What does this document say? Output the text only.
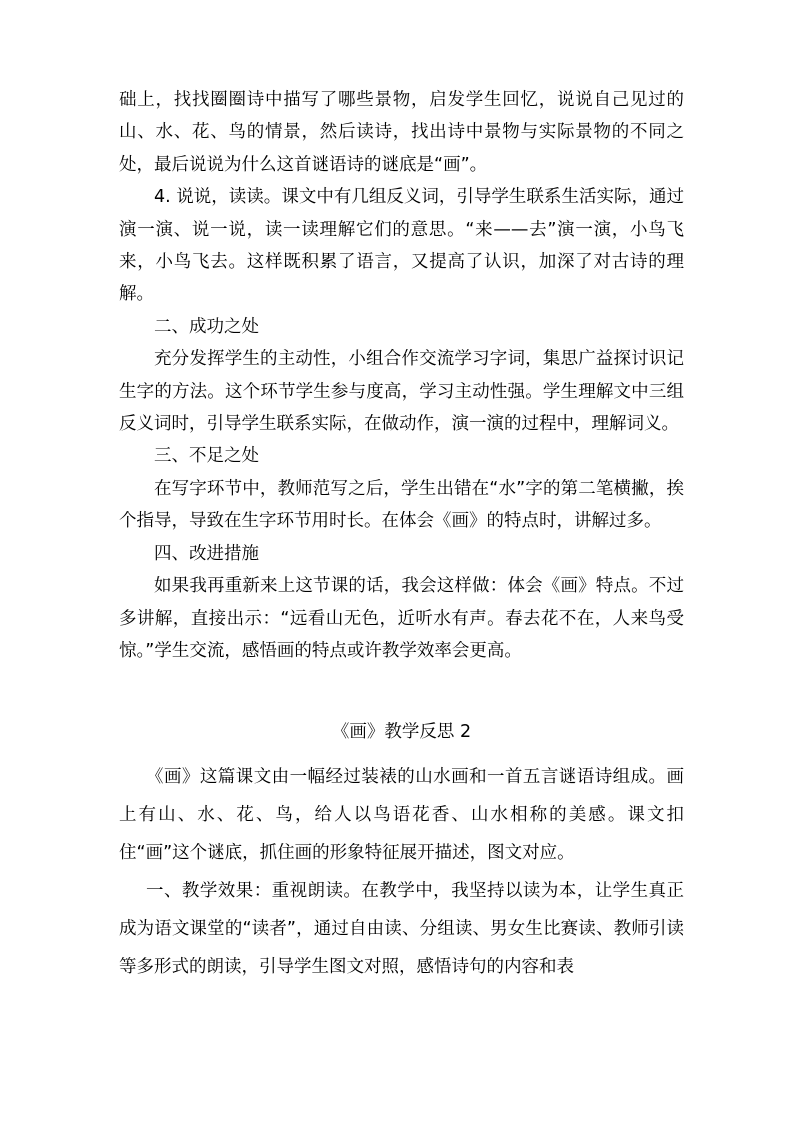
础上，找找圈圈诗中描写了哪些景物，启发学生回忆，说说自己见过的山、水、花、鸟的情景，然后读诗，找出诗中景物与实际景物的不同之处，最后说说为什么这首谜语诗的谜底是“画”。

4. 说说，读读。课文中有几组反义词，引导学生联系生活实际，通过演一演、说一说，读一读理解它们的意思。“来——去”演一演，小鸟飞来，小鸟飞去。这样既积累了语言，又提高了认识，加深了对古诗的理解。

二、成功之处

充分发挥学生的主动性，小组合作交流学习字词，集思广益探讨识记生字的方法。这个环节学生参与度高，学习主动性强。学生理解文中三组反义词时，引导学生联系实际，在做动作，演一演的过程中，理解词义。

三、不足之处

在写字环节中，教师范写之后，学生出错在“水”字的第二笔横撇，挨个指导，导致在生字环节用时长。在体会《画》的特点时，讲解过多。

四、改进措施

如果我再重新来上这节课的话，我会这样做：体会《画》特点。不过多讲解，直接出示：“远看山无色，近听水有声。春去花不在，人来鸟受惊。”学生交流，感悟画的特点或许教学效率会更高。

《画》教学反思 2

《画》这篇课文由一幅经过装裱的山水画和一首五言谜语诗组成。画上有山、水、花、鸟，给人以鸟语花香、山水相称的美感。课文扣住“画”这个谜底，抓住画的形象特征展开描述，图文对应。

一、教学效果：重视朗读。在教学中，我坚持以读为本，让学生真正成为语文课堂的“读者”，通过自由读、分组读、男女生比赛读、教师引读等多形式的朗读，引导学生图文对照，感悟诗句的内容和表
